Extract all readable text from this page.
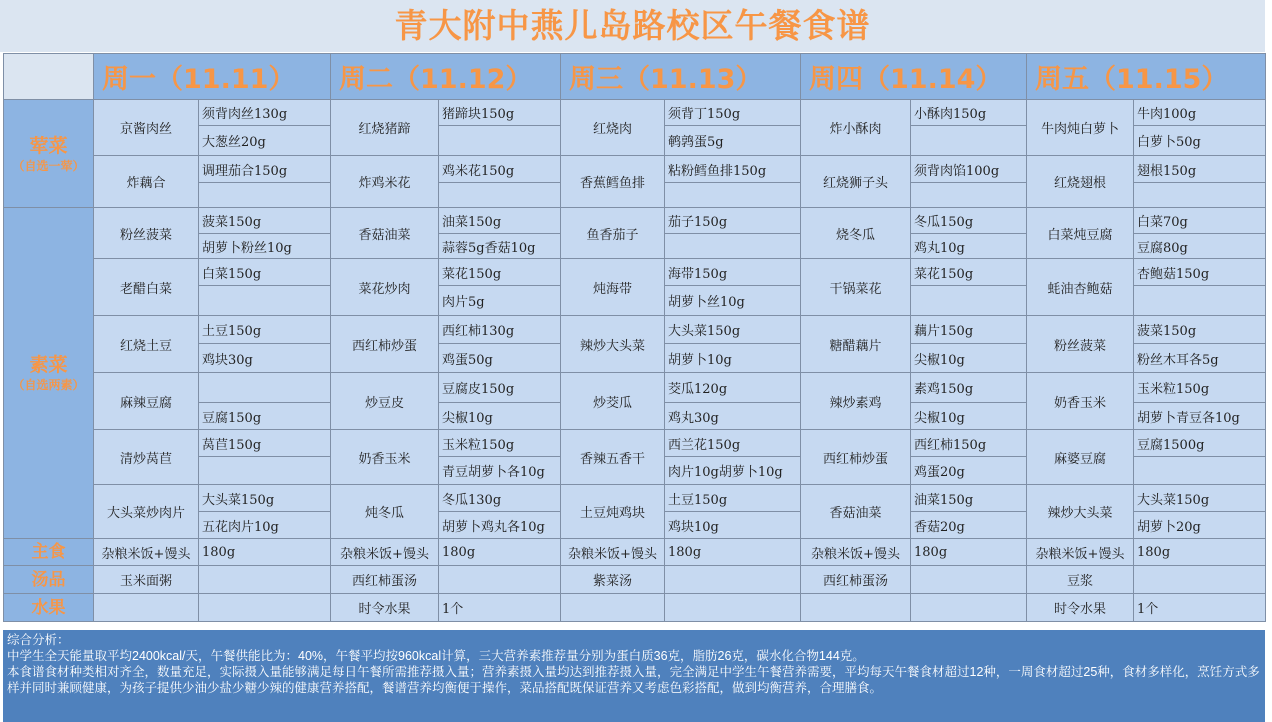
青大附中燕儿岛路校区午餐食谱
	周一（11.11）		周二（11.12）		周三（11.13）		周四（11.14）		周五（11.15）	

荤菜
（自选一荤）	京酱肉丝	须背肉丝130g	红烧猪蹄	猪蹄块150g	红烧肉	须背丁150g	炸小酥肉	小酥肉150g	牛肉炖白萝卜	牛肉100g
		大葱丝20g				鹌鹑蛋5g				白萝卜50g
	炸藕合	调理茄合150g	炸鸡米花	鸡米花150g	香蕉鳕鱼排	粘粉鳕鱼排150g	红烧狮子头	须背肉馅100g	红烧翅根	翅根150g

素菜
（自选两素）	粉丝菠菜	菠菜150g	香菇油菜	油菜150g	鱼香茄子	茄子150g	烧冬瓜	冬瓜150g	白菜炖豆腐	白菜70g
		胡萝卜粉丝10g		蒜蓉5g香菇10g				鸡丸10g		豆腐80g
	老醋白菜	白菜150g	菜花炒肉	菜花150g	炖海带	海带150g	干锅菜花	菜花150g	蚝油杏鲍菇	杏鲍菇150g
				肉片5g		胡萝卜丝10g				
	红烧土豆	土豆150g	西红柿炒蛋	西红柿130g	辣炒大头菜	大头菜150g	糖醋藕片	藕片150g	粉丝菠菜	菠菜150g
		鸡块30g		鸡蛋50g		胡萝卜10g		尖椒10g		粉丝木耳各5g
	麻辣豆腐		炒豆皮	豆腐皮150g	炒茭瓜	茭瓜120g	辣炒素鸡	素鸡150g	奶香玉米	玉米粒150g
		豆腐150g		尖椒10g		鸡丸30g		尖椒10g		胡萝卜青豆各10g
	清炒莴苣	莴苣150g	奶香玉米	玉米粒150g	香辣五香干	西兰花150g	西红柿炒蛋	西红柿150g	麻婆豆腐	豆腐1500g
				青豆胡萝卜各10g		肉片10g胡萝卜10g		鸡蛋20g		
	大头菜炒肉片	大头菜150g	炖冬瓜	冬瓜130g	土豆炖鸡块	土豆150g	香菇油菜	油菜150g	辣炒大头菜	大头菜150g
		五花肉片10g		胡萝卜鸡丸各10g		鸡块10g		香菇20g		胡萝卜20g

主食	杂粮米饭+馒头	180g	杂粮米饭+馒头	180g	杂粮米饭+馒头	180g	杂粮米饭+馒头	180g	杂粮米饭+馒头	180g

汤品	玉米面粥		西红柿蛋汤		紫菜汤		西红柿蛋汤		豆浆	

水果			时令水果	1个					时令水果	1个
综合分析：
中学生全天能量取平均2400kcal/天，午餐供能比为：40%，午餐平均按960kcal计算，三大营养素推荐量分别为蛋白质36克，脂肪26克，碳水化合物144克。
本食谱食材种类相对齐全，数量充足，实际摄入量能够满足每日午餐所需推荐摄入量；营养素摄入量均达到推荐摄入量，完全满足中学生午餐营养需要，平均每天午餐食材超过12种，一周食材超过25种，食材多样化，烹饪方式多样并同时兼顾健康，为孩子提供少油少盐少糖少辣的健康营养搭配，餐谱营养均衡便于操作，菜品搭配既保证营养又考虑色彩搭配，做到均衡营养，合理膳食。
